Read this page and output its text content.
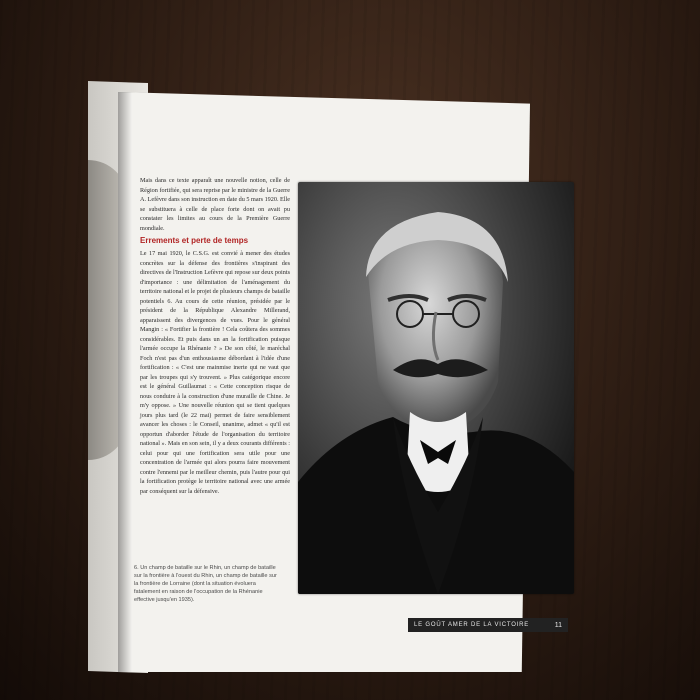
Mais dans ce texte apparaît une nouvelle notion, celle de Région fortifiée, qui sera reprise par le ministre de la Guerre A. Lefèvre dans son instruction en date du 5 mars 1920. Elle se substituera à celle de place forte dont on avait pu constater les limites au cours de la Première Guerre mondiale.

Errements et perte de temps

Le 17 mai 1920, le C.S.G. est convié à mener des études concrètes sur la défense des frontières s'inspirant des directives de l'Instruction Lefèvre qui repose sur deux points d'importance : une délimitation de l'aménagement du territoire national et le projet de plusieurs champs de bataille potentiels 6. Au cours de cette réunion, présidée par le président de la République Alexandre Millerand, apparaissent des divergences de vues. Pour le général Mangin : « Fortifier la frontière ! Cela coûtera des sommes considérables. Et puis dans un an la fortification puisque l'armée occupe la Rhénanie ? » De son côté, le maréchal Foch n'est pas d'un enthousiasme débordant à l'idée d'une fortification : « C'est une mainmise inerte qui ne vaut que par les troupes qui s'y trouvent. » Plus catégorique encore est le général Guillaumat : « Cette conception risque de nous conduire à la construction d'une muraille de Chine. Je m'y oppose. » Une nouvelle réunion qui se tient quelques jours plus tard (le 22 mai) permet de faire sensiblement avancer les choses : le Conseil, unanime, admet « qu'il est opportun d'aborder l'étude de l'organisation du territoire national ». Mais en son sein, il y a deux courants différents : celui pour qui une fortification sera utile pour une concentration de l'armée qui alors pourra faire mouvement contre l'ennemi par le meilleur chemin, puis l'autre pour qui la fortification protège le territoire national avec une armée par conséquent sur la défensive.

6. Un champ de bataille sur le Rhin, un champ de bataille sur la frontière à l'ouest du Rhin, un champ de bataille sur la frontière de Lorraine (dont la situation évoluera fatalement en raison de l'occupation de la Rhénanie effective jusqu'en 1935).
LE GOÛT AMER DE LA VICTOIRE	11
